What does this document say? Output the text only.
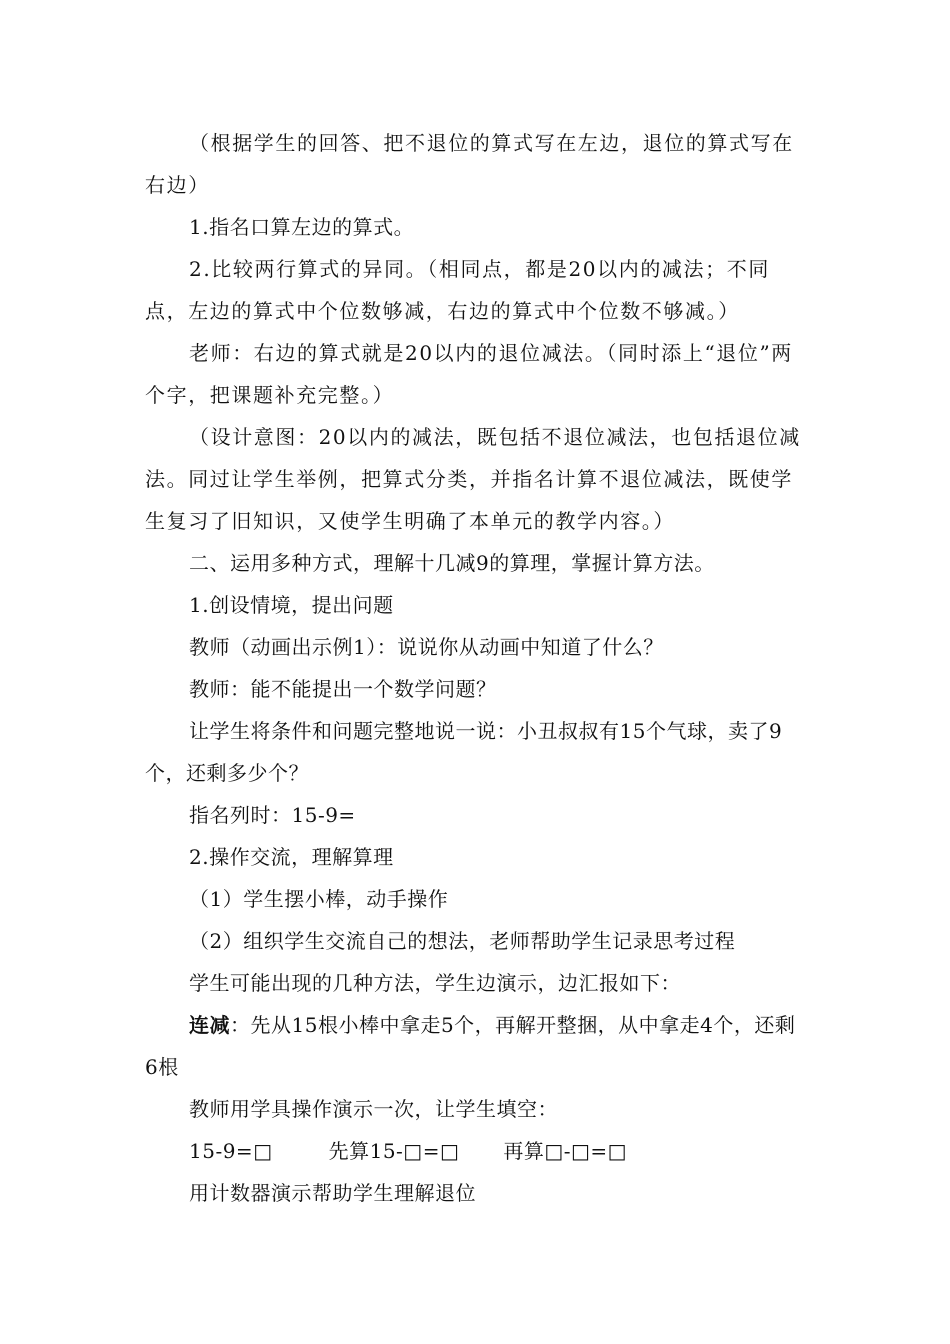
（根据学生的回答、把不退位的算式写在左边，退位的算式写在右边）

1.指名口算左边的算式。

2.比较两行算式的异同。（相同点，都是20以内的减法；不同点，左边的算式中个位数够减，右边的算式中个位数不够减。）

老师：右边的算式就是20以内的退位减法。（同时添上“退位”两个字，把课题补充完整。）

（设计意图：20以内的减法，既包括不退位减法，也包括退位减法。同过让学生举例，把算式分类，并指名计算不退位减法，既使学生复习了旧知识，又使学生明确了本单元的教学内容。）

二、运用多种方式，理解十几减9的算理，掌握计算方法。

1.创设情境，提出问题

教师（动画出示例1）：说说你从动画中知道了什么？

教师：能不能提出一个数学问题？

让学生将条件和问题完整地说一说：小丑叔叔有15个气球，卖了9个，还剩多少个？

指名列时：15-9=

2.操作交流，理解算理

（1）学生摆小棒，动手操作

（2）组织学生交流自己的想法，老师帮助学生记录思考过程

学生可能出现的几种方法，学生边演示，边汇报如下：

连减：先从15根小棒中拿走5个，再解开整捆，从中拿走4个，还剩6根

教师用学具操作演示一次，让学生填空：

15-9=□	先算15-□=□ 再算□-□=□

用计数器演示帮助学生理解退位
